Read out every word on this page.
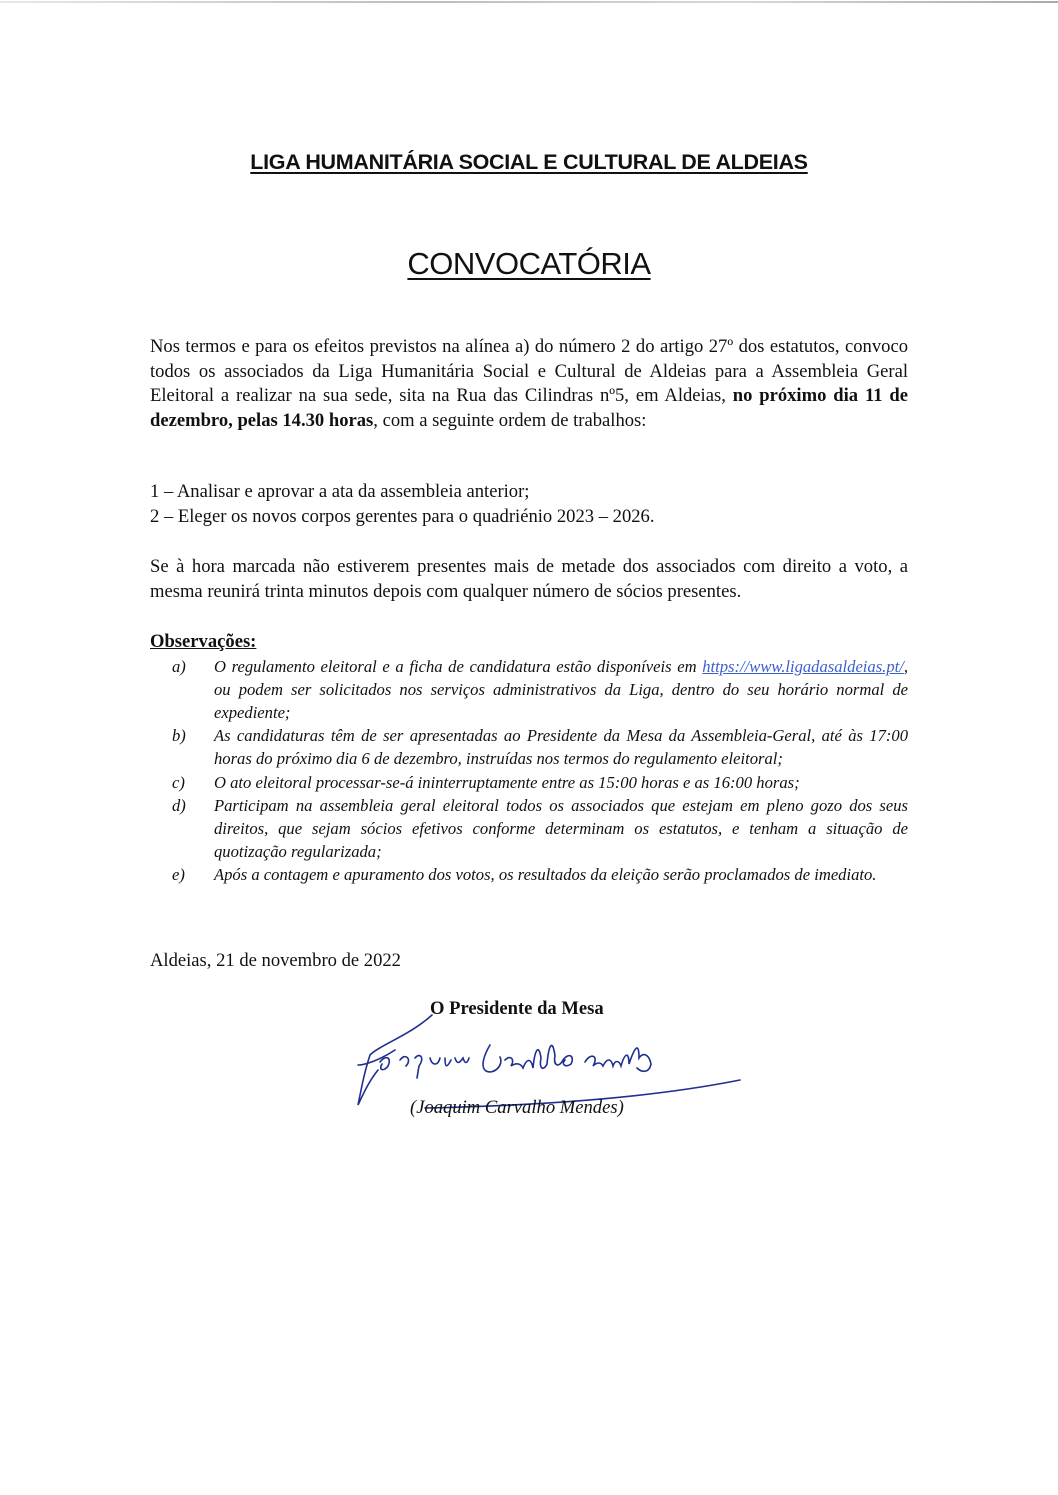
LIGA HUMANITÁRIA SOCIAL E CULTURAL DE ALDEIAS
CONVOCATÓRIA

Nos termos e para os efeitos previstos na alínea a) do número 2 do artigo 27º dos estatutos, convoco todos os associados da Liga Humanitária Social e Cultural de Aldeias para a Assembleia Geral Eleitoral a realizar na sua sede, sita na Rua das Cilindras nº5, em Aldeias, no próximo dia 11 de dezembro, pelas 14.30 horas, com a seguinte ordem de trabalhos:

1 – Analisar e aprovar a ata da assembleia anterior;
2 – Eleger os novos corpos gerentes para o quadriénio 2023 – 2026.

Se à hora marcada não estiverem presentes mais de metade dos associados com direito a voto, a mesma reunirá trinta minutos depois com qualquer número de sócios presentes.

Observações:
a)	O regulamento eleitoral e a ficha de candidatura estão disponíveis em https://www.ligadasaldeias.pt/, ou podem ser solicitados nos serviços administrativos da Liga, dentro do seu horário normal de expediente;
b)	As candidaturas têm de ser apresentadas ao Presidente da Mesa da Assembleia-Geral, até às 17:00 horas do próximo dia 6 de dezembro, instruídas nos termos do regulamento eleitoral;
c)	O ato eleitoral processar-se-á ininterruptamente entre as 15:00 horas e as 16:00 horas;
d)	Participam na assembleia geral eleitoral todos os associados que estejam em pleno gozo dos seus direitos, que sejam sócios efetivos conforme determinam os estatutos, e tenham a situação de quotização regularizada;
e)	Após a contagem e apuramento dos votos, os resultados da eleição serão proclamados de imediato.
Aldeias, 21 de novembro de 2022
O Presidente da Mesa
(Joaquim Carvalho Mendes)
